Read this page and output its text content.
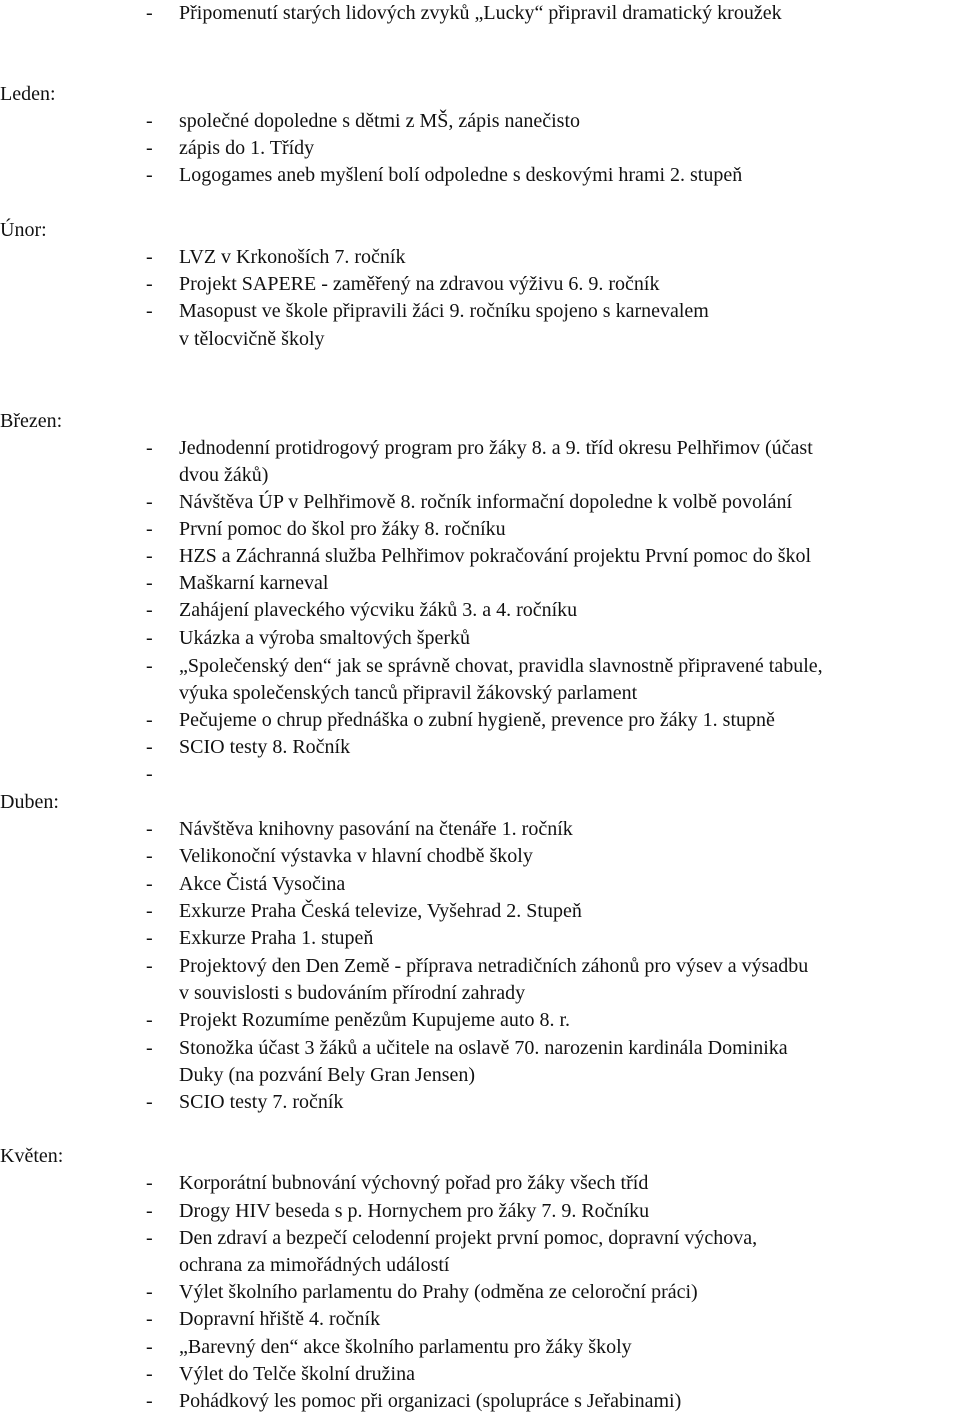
- Připomenutí starých lidových zvyků „Lucky“ připravil dramatický kroužek
Leden:
- společné dopoledne s dětmi z MŠ, zápis nanečisto
- zápis do 1. Třídy
- Logogames aneb myšlení bolí odpoledne s deskovými hrami 2. stupeň
Únor:
- LVZ v Krkonoších 7. ročník
- Projekt SAPERE - zaměřený na zdravou výživu 6. 9. ročník
- Masopust ve škole připravili žáci 9. ročníku spojeno s karnevalem
v tělocvičně školy
Březen:
- Jednodenní protidrogový program pro žáky 8. a 9. tříd okresu Pelhřimov (účast
dvou žáků)
- Návštěva ÚP v Pelhřimově 8. ročník informační dopoledne k volbě povolání
- První pomoc do škol pro žáky 8. ročníku
- HZS a Záchranná služba Pelhřimov pokračování projektu První pomoc do škol
- Maškarní karneval
- Zahájení plaveckého výcviku žáků 3. a 4. ročníku
- Ukázka a výroba smaltových šperků
- „Společenský den“ jak se správně chovat, pravidla slavnostně připravené tabule,
výuka společenských tanců připravil žákovský parlament
- Pečujeme o chrup přednáška o zubní hygieně, prevence pro žáky 1. stupně
- SCIO testy 8. Ročník
-
Duben:
- Návštěva knihovny pasování na čtenáře 1. ročník
- Velikonoční výstavka v hlavní chodbě školy
- Akce Čistá Vysočina
- Exkurze Praha Česká televize, Vyšehrad 2. Stupeň
- Exkurze Praha 1. stupeň
- Projektový den Den Země - příprava netradičních záhonů pro výsev a výsadbu
v souvislosti s budováním přírodní zahrady
- Projekt Rozumíme penězům Kupujeme auto 8. r.
- Stonožka účast 3 žáků a učitele na oslavě 70. narozenin kardinála Dominika
Duky (na pozvání Bely Gran Jensen)
- SCIO testy 7. ročník
Květen:
- Korporátní bubnování výchovný pořad pro žáky všech tříd
- Drogy HIV beseda s p. Hornychem pro žáky 7. 9. Ročníku
- Den zdraví a bezpečí celodenní projekt první pomoc, dopravní výchova,
ochrana za mimořádných událostí
- Výlet školního parlamentu do Prahy (odměna ze celoroční práci)
- Dopravní hřiště 4. ročník
- „Barevný den“ akce školního parlamentu pro žáky školy
- Výlet do Telče školní družina
- Pohádkový les pomoc při organizaci (spolupráce s Jeřabinami)
